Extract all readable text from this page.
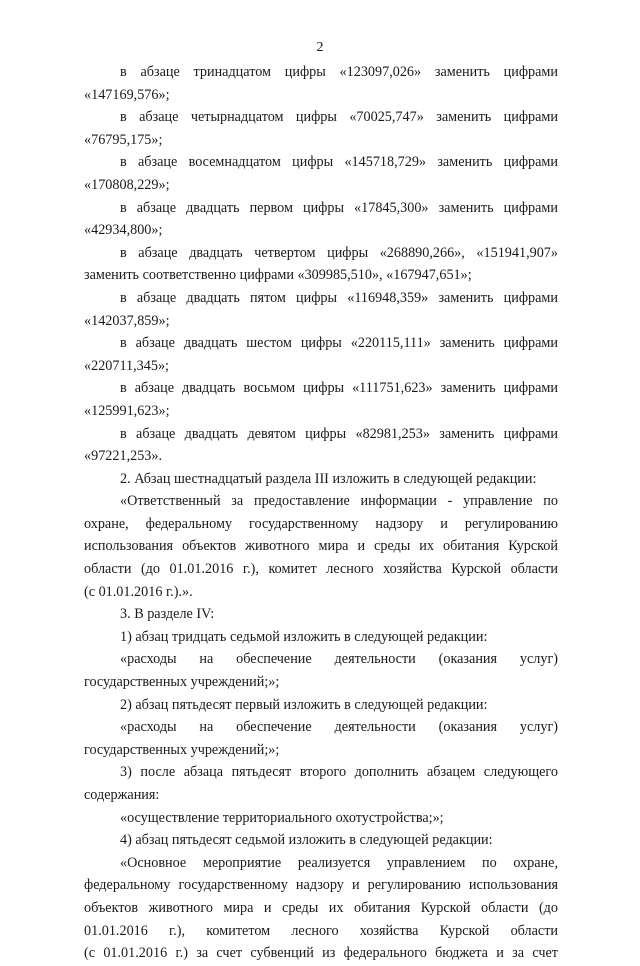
2
в абзаце тринадцатом цифры «123097,026» заменить цифрами
«147169,576»;
в абзаце четырнадцатом цифры «70025,747» заменить цифрами
«76795,175»;
в абзаце восемнадцатом цифры «145718,729» заменить цифрами
«170808,229»;
в абзаце двадцать первом цифры «17845,300» заменить цифрами
«42934,800»;
в абзаце двадцать четвертом цифры «268890,266», «151941,907»
заменить соответственно цифрами «309985,510», «167947,651»;
в абзаце двадцать пятом цифры «116948,359» заменить цифрами
«142037,859»;
в абзаце двадцать шестом цифры «220115,111» заменить цифрами
«220711,345»;
в абзаце двадцать восьмом цифры «111751,623» заменить цифрами
«125991,623»;
в абзаце двадцать девятом цифры «82981,253» заменить цифрами
«97221,253».
2. Абзац шестнадцатый раздела III изложить в следующей редакции:
«Ответственный за предоставление информации - управление по
охране, федеральному государственному надзору и регулированию
использования объектов животного мира и среды их обитания Курской
области (до 01.01.2016 г.), комитет лесного хозяйства Курской области
(с 01.01.2016 г.).».
3. В разделе IV:
1) абзац тридцать седьмой изложить в следующей редакции:
«расходы на обеспечение деятельности (оказания услуг)
государственных учреждений;»;
2) абзац пятьдесят первый изложить в следующей редакции:
«расходы на обеспечение деятельности (оказания услуг)
государственных учреждений;»;
3) после абзаца пятьдесят второго дополнить абзацем следующего
содержания:
«осуществление территориального охотустройства;»;
4) абзац пятьдесят седьмой изложить в следующей редакции:
«Основное мероприятие реализуется управлением по охране,
федеральному государственному надзору и регулированию использования
объектов животного мира и среды их обитания Курской области (до
01.01.2016 г.), комитетом лесного хозяйства Курской области
(с 01.01.2016 г.) за счет субвенций из федерального бюджета и за счет
